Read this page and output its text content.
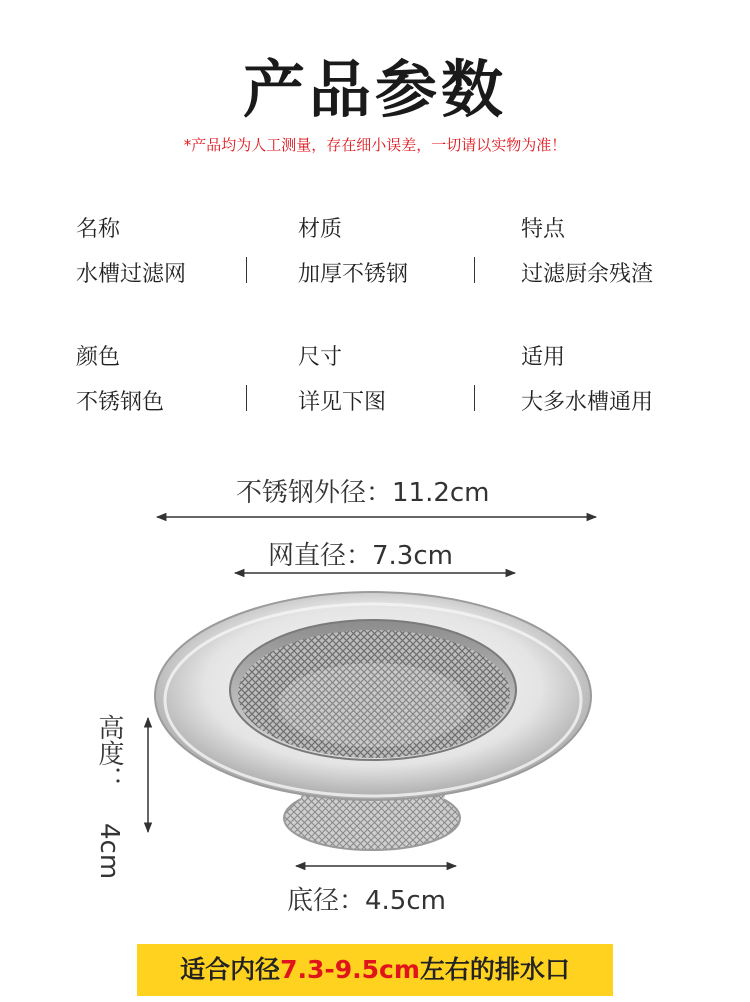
产品参数
*产品均为人工测量，存在细小误差，一切请以实物为准！
名称
水槽过滤网
材质
加厚不锈钢
特点
过滤厨余残渣
颜色
不锈钢色
尺寸
详见下图
适用
大多水槽通用
不锈钢外径：11.2cm
网直径：7.3cm
底径：4.5cm
高度：
4cm
适合内径7.3-9.5cm左右的排水口
